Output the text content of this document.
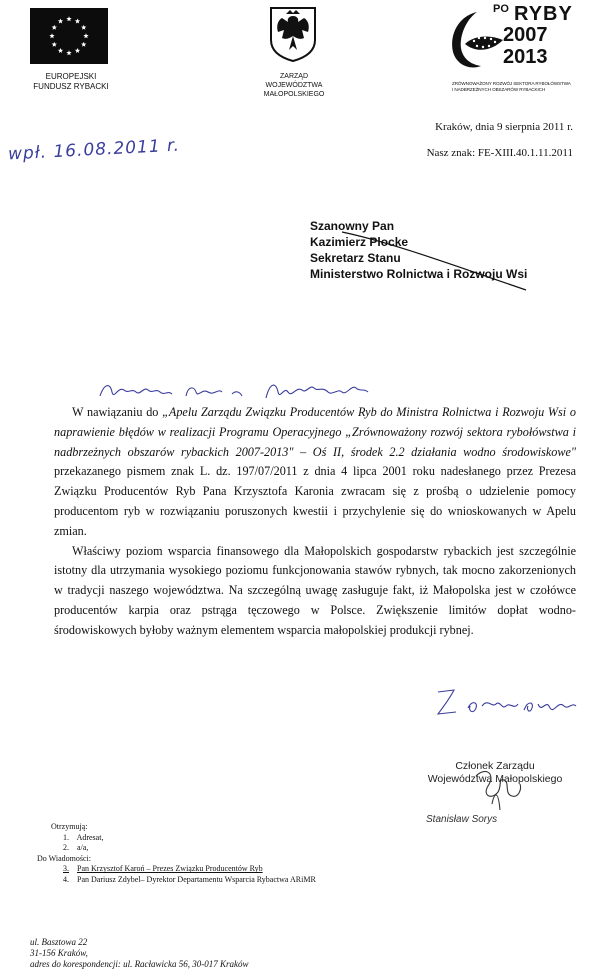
EUROPEJSKI
FUNDUSZ RYBACKI
ZARZĄD
WOJEWÓDZTWA
MAŁOPOLSKIEGO
PO RYBY
2007
2013
ZRÓWNOWAŻONY ROZWÓJ SEKTORA RYBOŁÓWSTWA
I NADBRZEŻNYCH OBSZARÓW RYBACKICH
wpł. 16.08.2011 r.
Kraków, dnia 9 sierpnia 2011 r.
Nasz znak: FE-XIII.40.1.11.2011
Szanowny Pan
Kazimierz Plocke
Sekretarz Stanu
Ministerstwo Rolnictwa i Rozwoju Wsi

W nawiązaniu do „Apelu Zarządu Związku Producentów Ryb do Ministra Rolnictwa i Rozwoju Wsi o naprawienie błędów w realizacji Programu Operacyjnego „Zrównoważony rozwój sektora rybołówstwa i nadbrzeżnych obszarów rybackich 2007-2013" – Oś II, środek 2.2 działania wodno środowiskowe" przekazanego pismem znak L. dz. 197/07/2011 z dnia 4 lipca 2001 roku nadesłanego przez Prezesa Związku Producentów Ryb Pana Krzysztofa Karonia zwracam się z prośbą o udzielenie pomocy producentom ryb w rozwiązaniu poruszonych kwestii i przychylenie się do wnioskowanych w Apelu zmian.

Właściwy poziom wsparcia finansowego dla Małopolskich gospodarstw rybackich jest szczególnie istotny dla utrzymania wysokiego poziomu funkcjonowania stawów rybnych, tak mocno zakorzenionych w tradycji naszego województwa. Na szczególną uwagę zasługuje fakt, iż Małopolska jest w czołówce producentów karpia oraz pstrąga tęczowego w Polsce. Zwiększenie limitów dopłat wodno-środowiskowych byłoby ważnym elementem wsparcia małopolskiej produkcji rybnej.

Członek Zarządu
Województwa Małopolskiego
Stanisław Sorys
Otrzymują:
1. Adresat,
2. a/a,
Do Wiadomości:
3. Pan Krzysztof Karoń – Prezes Związku Producentów Ryb
4. Pan Dariusz Zdybel– Dyrektor Departamentu Wsparcia Rybactwa ARiMR
ul. Basztowa 22
31-156 Kraków,
adres do korespondencji: ul. Racławicka 56, 30-017 Kraków
